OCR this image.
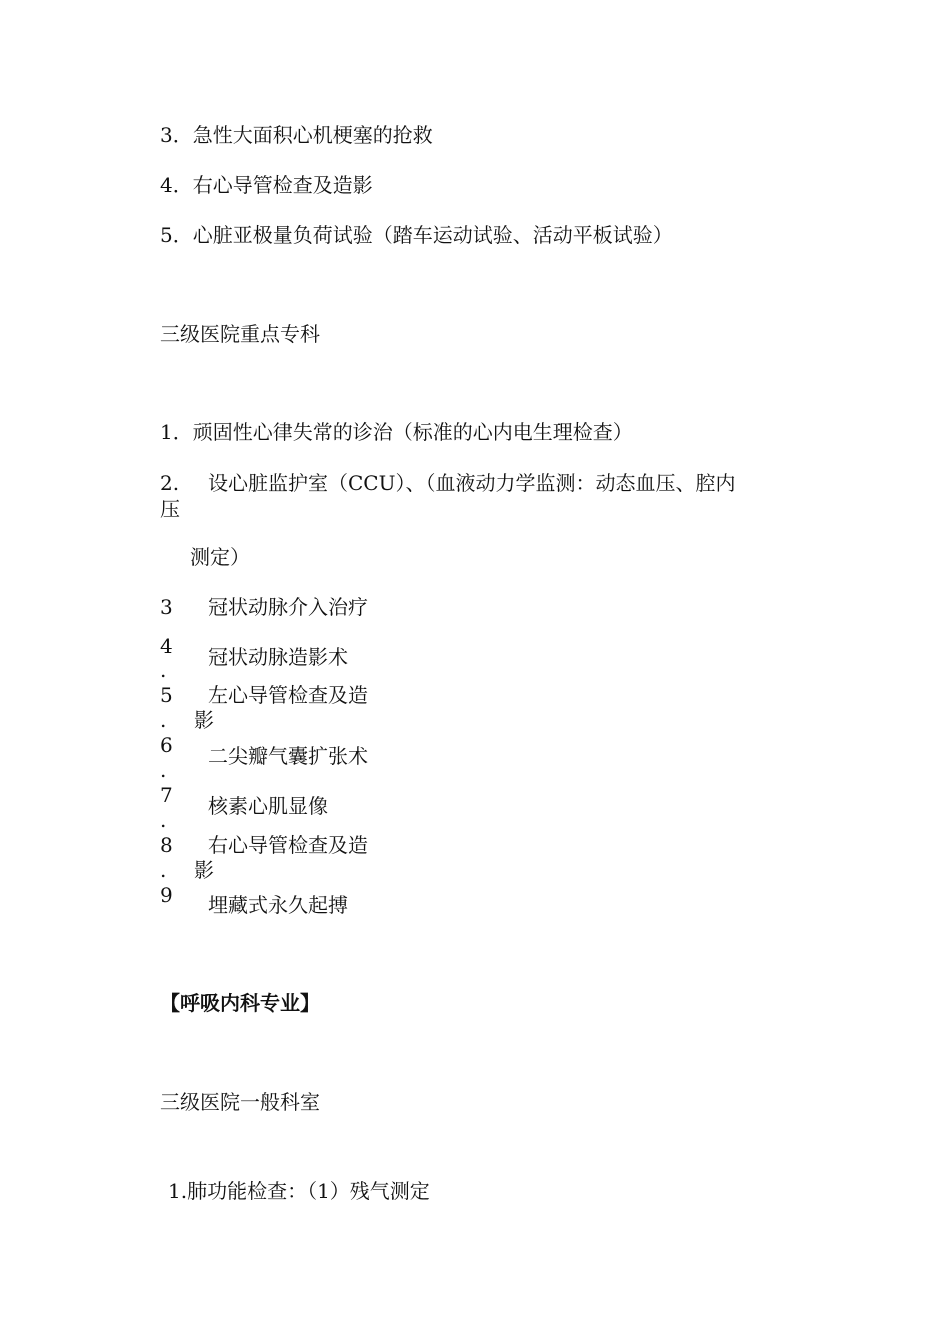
3．急性大面积心机梗塞的抢救
4．右心导管检查及造影
5．心脏亚极量负荷试验（踏车运动试验、活动平板试验）
三级医院重点专科
1．顽固性心律失常的诊治（标准的心内电生理检查）
2. 设心脏监护室（CCU）、（血液动力学监测：动态血压、腔内
压
测定）
3 冠状动脉介入治疗
4
.
冠状动脉造影术
5 左心导管检查及造
. 影
6
.
二尖瓣气囊扩张术
7
.
核素心肌显像
8 右心导管检查及造
. 影
9 埋藏式永久起搏
【呼吸内科专业】
三级医院一般科室
1.肺功能检查：（1）残气测定
